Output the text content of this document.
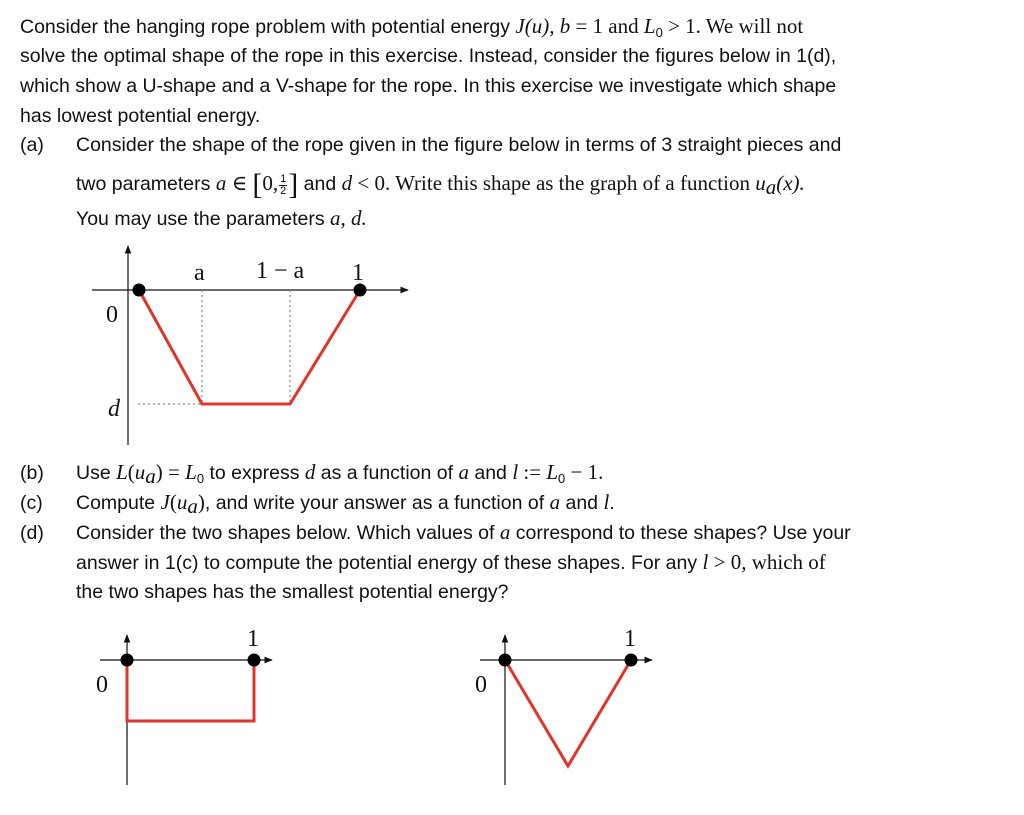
Consider the hanging rope problem with potential energy J(u), b = 1 and $L_0 > 1$. We will not
solve the optimal shape of the rope in this exercise. Instead, consider the figures below in 1(d),
which show a U-shape and a V-shape for the rope. In this exercise we investigate which shape
has lowest potential energy.
(a) Consider the shape of the rope given in the figure below in terms of 3 straight pieces and
two parameters a ∈ [0, $\frac{1}{2}$ ] and d < 0. Write this shape as the graph of a function $u_a(x)$.
You may use the parameters a, d.
a 1 − a 1
0
d
1
0
1
0
(b) Use $L(u_a) = L_0$ to express d as a function of a and l := $L_0 - 1$.
(c) Compute $J(u_a)$, and write your answer as a function of a and l.
(d) Consider the two shapes below. Which values of a correspond to these shapes? Use your
answer in 1(c) to compute the potential energy of these shapes. For any l > 0, which of
the two shapes has the smallest potential energy?
